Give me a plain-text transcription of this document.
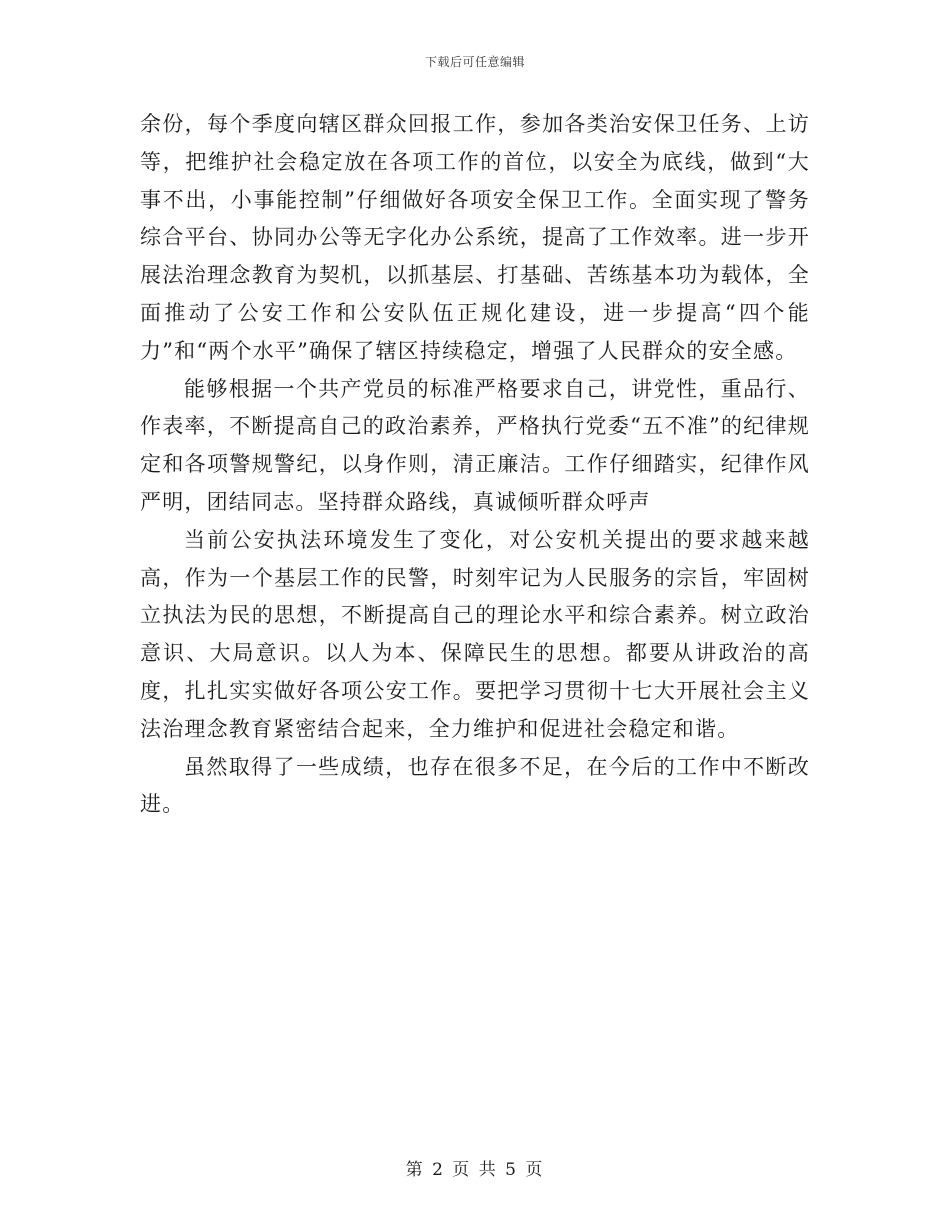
下载后可任意编辑

余份，每个季度向辖区群众回报工作，参加各类治安保卫任务、上访等，把维护社会稳定放在各项工作的首位，以安全为底线，做到“大事不出，小事能控制”仔细做好各项安全保卫工作。全面实现了警务综合平台、协同办公等无字化办公系统，提高了工作效率。进一步开展法治理念教育为契机，以抓基层、打基础、苦练基本功为载体，全面推动了公安工作和公安队伍正规化建设，进一步提高“四个能力”和“两个水平”确保了辖区持续稳定，增强了人民群众的安全感。

能够根据一个共产党员的标准严格要求自己，讲党性，重品行、作表率，不断提高自己的政治素养，严格执行党委“五不准”的纪律规定和各项警规警纪，以身作则，清正廉洁。工作仔细踏实，纪律作风严明，团结同志。坚持群众路线，真诚倾听群众呼声

当前公安执法环境发生了变化，对公安机关提出的要求越来越高，作为一个基层工作的民警，时刻牢记为人民服务的宗旨，牢固树立执法为民的思想，不断提高自己的理论水平和综合素养。树立政治意识、大局意识。以人为本、保障民生的思想。都要从讲政治的高度，扎扎实实做好各项公安工作。要把学习贯彻十七大开展社会主义法治理念教育紧密结合起来，全力维护和促进社会稳定和谐。

虽然取得了一些成绩，也存在很多不足，在今后的工作中不断改进。

第 2 页 共 5 页
